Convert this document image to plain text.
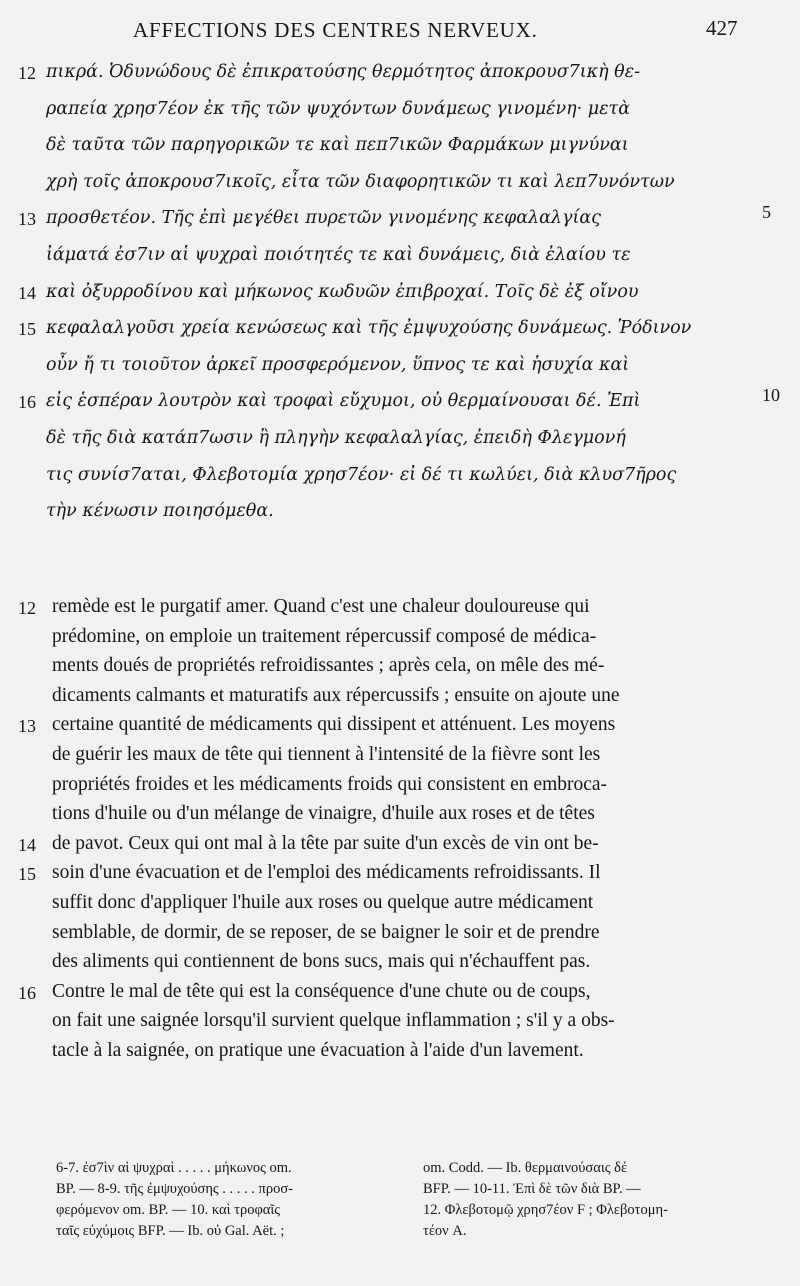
AFFECTIONS DES CENTRES NERVEUX.	427
πικρά. Ὀδυνώδους δὲ ἐπικρατούσης θερμότητος ἀποκρουσ7ικὴ θε-
ραπεία χρησ7έον ἐκ τῆς τῶν ψυχόντων δυνάμεως γινομένη· μετὰ
δὲ ταῦτα τῶν παρηγορικῶν τε καὶ πεπ7ικῶν Φαρμάκων μιγνύναι
χρὴ τοῖς ἀποκρουσ7ικοῖς, εἶτα τῶν διαφορητικῶν τι καὶ λεπ7υνόντων
προσθετέον. Τῆς ἐπὶ μεγέθει πυρετῶν γινομένης κεφαλαλγίας
ἰάματά ἐσ7ιν αἱ ψυχραὶ ποιότητές τε καὶ δυνάμεις, διὰ ἐλαίου τε
καὶ ὀξυρροδίνου καὶ μήκωνος κωδυῶν ἐπιβροχαί. Τοῖς δὲ ἐξ οἴνου
κεφαλαλγοῦσι χρεία κενώσεως καὶ τῆς ἐμψυχούσης δυνάμεως. Ῥόδινον
οὖν ἤ τι τοιοῦτον ἀρκεῖ προσφερόμενον, ὕπνος τε καὶ ἡσυχία καὶ
εἰς ἑσπέραν λουτρὸν καὶ τροφαὶ εὔχυμοι, οὐ θερμαίνουσαι δέ. Ἐπὶ
δὲ τῆς διὰ κατάπ7ωσιν ἢ πληγὴν κεφαλαλγίας, ἐπειδὴ Φλεγμονή
τις συνίσ7αται, Φλεβοτομία χρησ7έον· εἰ δέ τι κωλύει, διὰ κλυσ7ῆρος
τὴν κένωσιν ποιησόμεθα.
12
13
14
15
16
5
10
remède est le purgatif amer. Quand c'est une chaleur douloureuse qui
prédomine, on emploie un traitement répercussif composé de médica-
ments doués de propriétés refroidissantes ; après cela, on mêle des mé-
dicaments calmants et maturatifs aux répercussifs ; ensuite on ajoute une
certaine quantité de médicaments qui dissipent et atténuent. Les moyens
de guérir les maux de tête qui tiennent à l'intensité de la fièvre sont les
propriétés froides et les médicaments froids qui consistent en embroca-
tions d'huile ou d'un mélange de vinaigre, d'huile aux roses et de têtes
de pavot. Ceux qui ont mal à la tête par suite d'un excès de vin ont be-
soin d'une évacuation et de l'emploi des médicaments refroidissants. Il
suffit donc d'appliquer l'huile aux roses ou quelque autre médicament
semblable, de dormir, de se reposer, de se baigner le soir et de prendre
des aliments qui contiennent de bons sucs, mais qui n'échauffent pas.
Contre le mal de tête qui est la conséquence d'une chute ou de coups,
on fait une saignée lorsqu'il survient quelque inflammation ; s'il y a obs-
tacle à la saignée, on pratique une évacuation à l'aide d'un lavement.
12
13
14
15
16
6-7. ἐσ7ὶν αἱ ψυχραὶ . . . . . μήκωνος om.
BP. — 8-9. τῆς ἐμψυχούσης . . . . . προσ-
φερόμενον om. BP. — 10. καὶ τροφαῖς
ταῖς εὐχύμοις BFP. — Ib. οὐ Gal. Aët. ;
om. Codd. — Ib. θερμαινούσαις δέ
BFP. — 10-11. Ἐπὶ δὲ τῶν διὰ BP. —
12. Φλεβοτομῷ χρησ7έον F ; Φλεβοτομη-
τέον A.
